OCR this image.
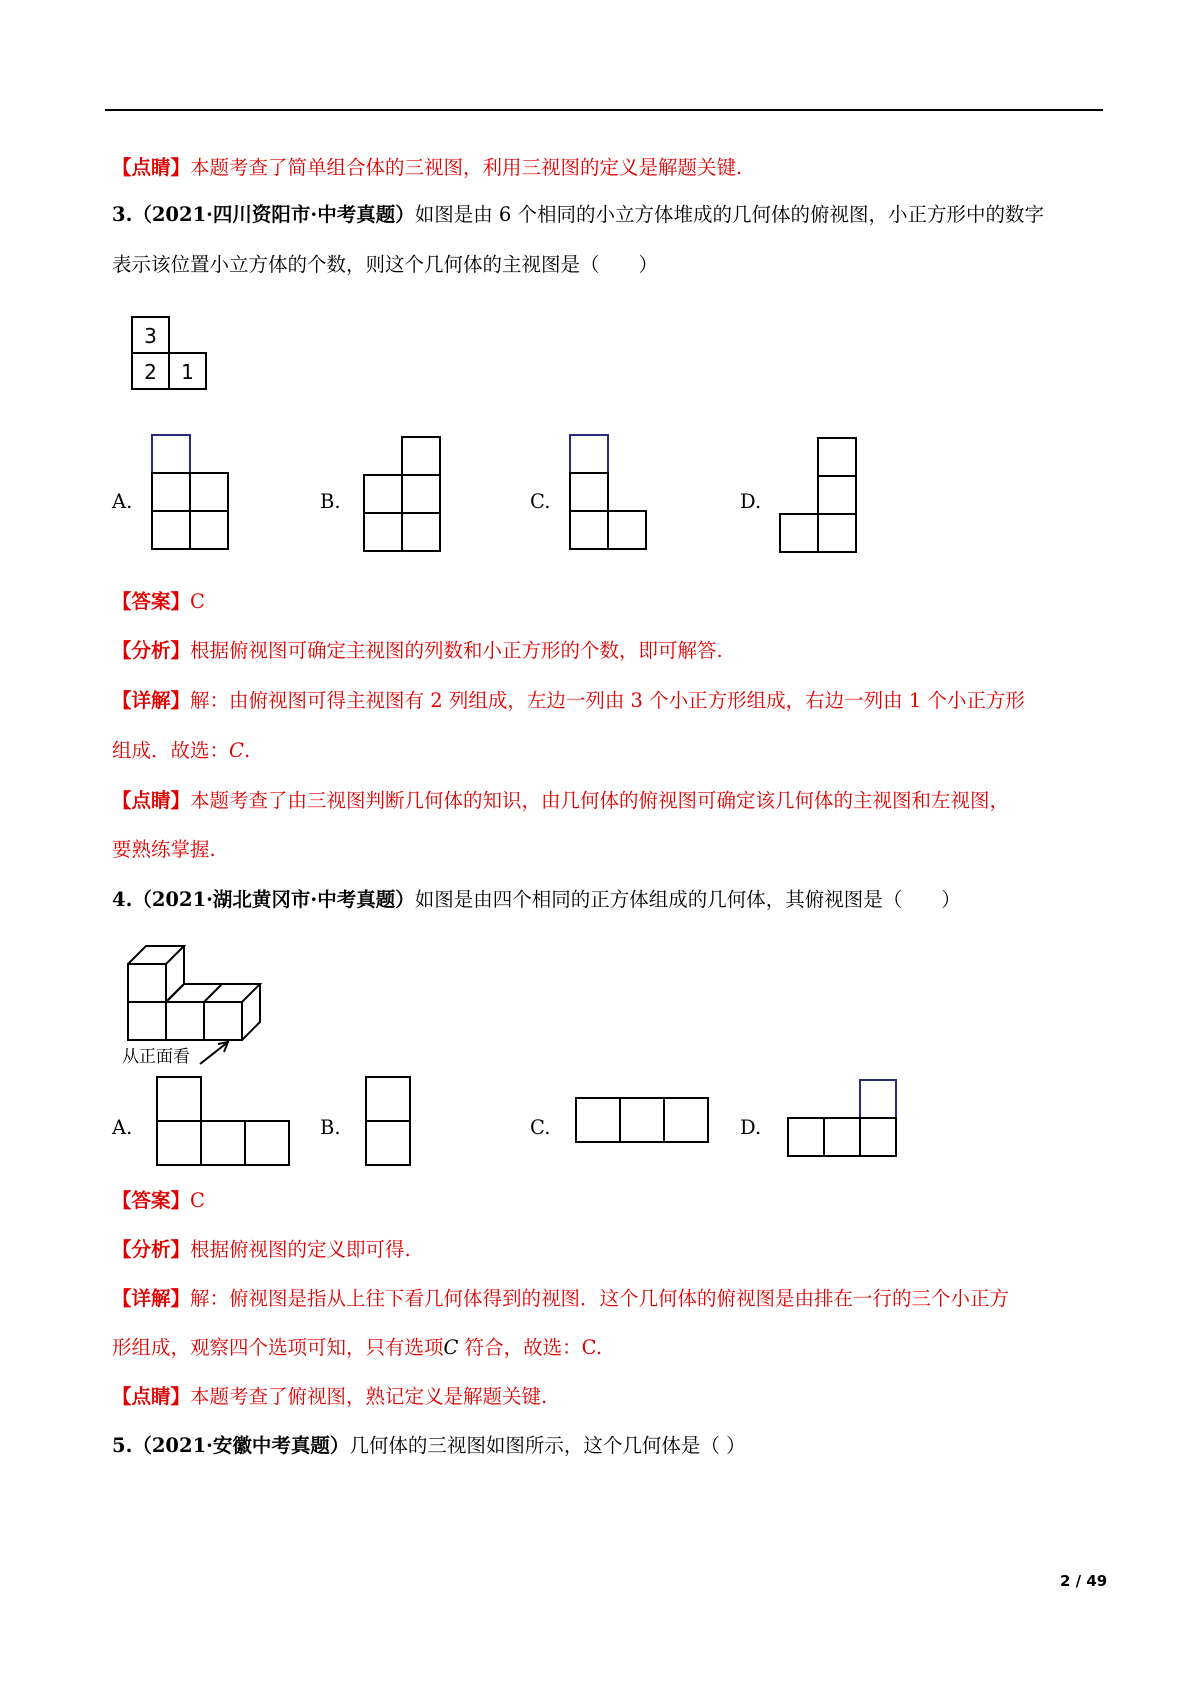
【点睛】本题考查了简单组合体的三视图，利用三视图的定义是解题关键.
3.（2021·四川资阳市·中考真题）如图是由 6 个相同的小立方体堆成的几何体的俯视图，小正方形中的数字
表示该位置小立方体的个数，则这个几何体的主视图是（　　）
3
2 1
A.	B.	C.	D.
【答案】C
【分析】根据俯视图可确定主视图的列数和小正方形的个数，即可解答.
【详解】解：由俯视图可得主视图有 2 列组成，左边一列由 3 个小正方形组成，右边一列由 1 个小正方形
组成．故选：C.
【点睛】本题考查了由三视图判断几何体的知识，由几何体的俯视图可确定该几何体的主视图和左视图，
要熟练掌握.
4.（2021·湖北黄冈市·中考真题）如图是由四个相同的正方体组成的几何体，其俯视图是（　　）
从正面看
A.	B.	C.	D.
【答案】C
【分析】根据俯视图的定义即可得.
【详解】解：俯视图是指从上往下看几何体得到的视图．这个几何体的俯视图是由排在一行的三个小正方
形组成，观察四个选项可知，只有选项C 符合，故选：C.
【点睛】本题考查了俯视图，熟记定义是解题关键.
5.（2021·安徽中考真题）几何体的三视图如图所示，这个几何体是（ ）
2 / 49
